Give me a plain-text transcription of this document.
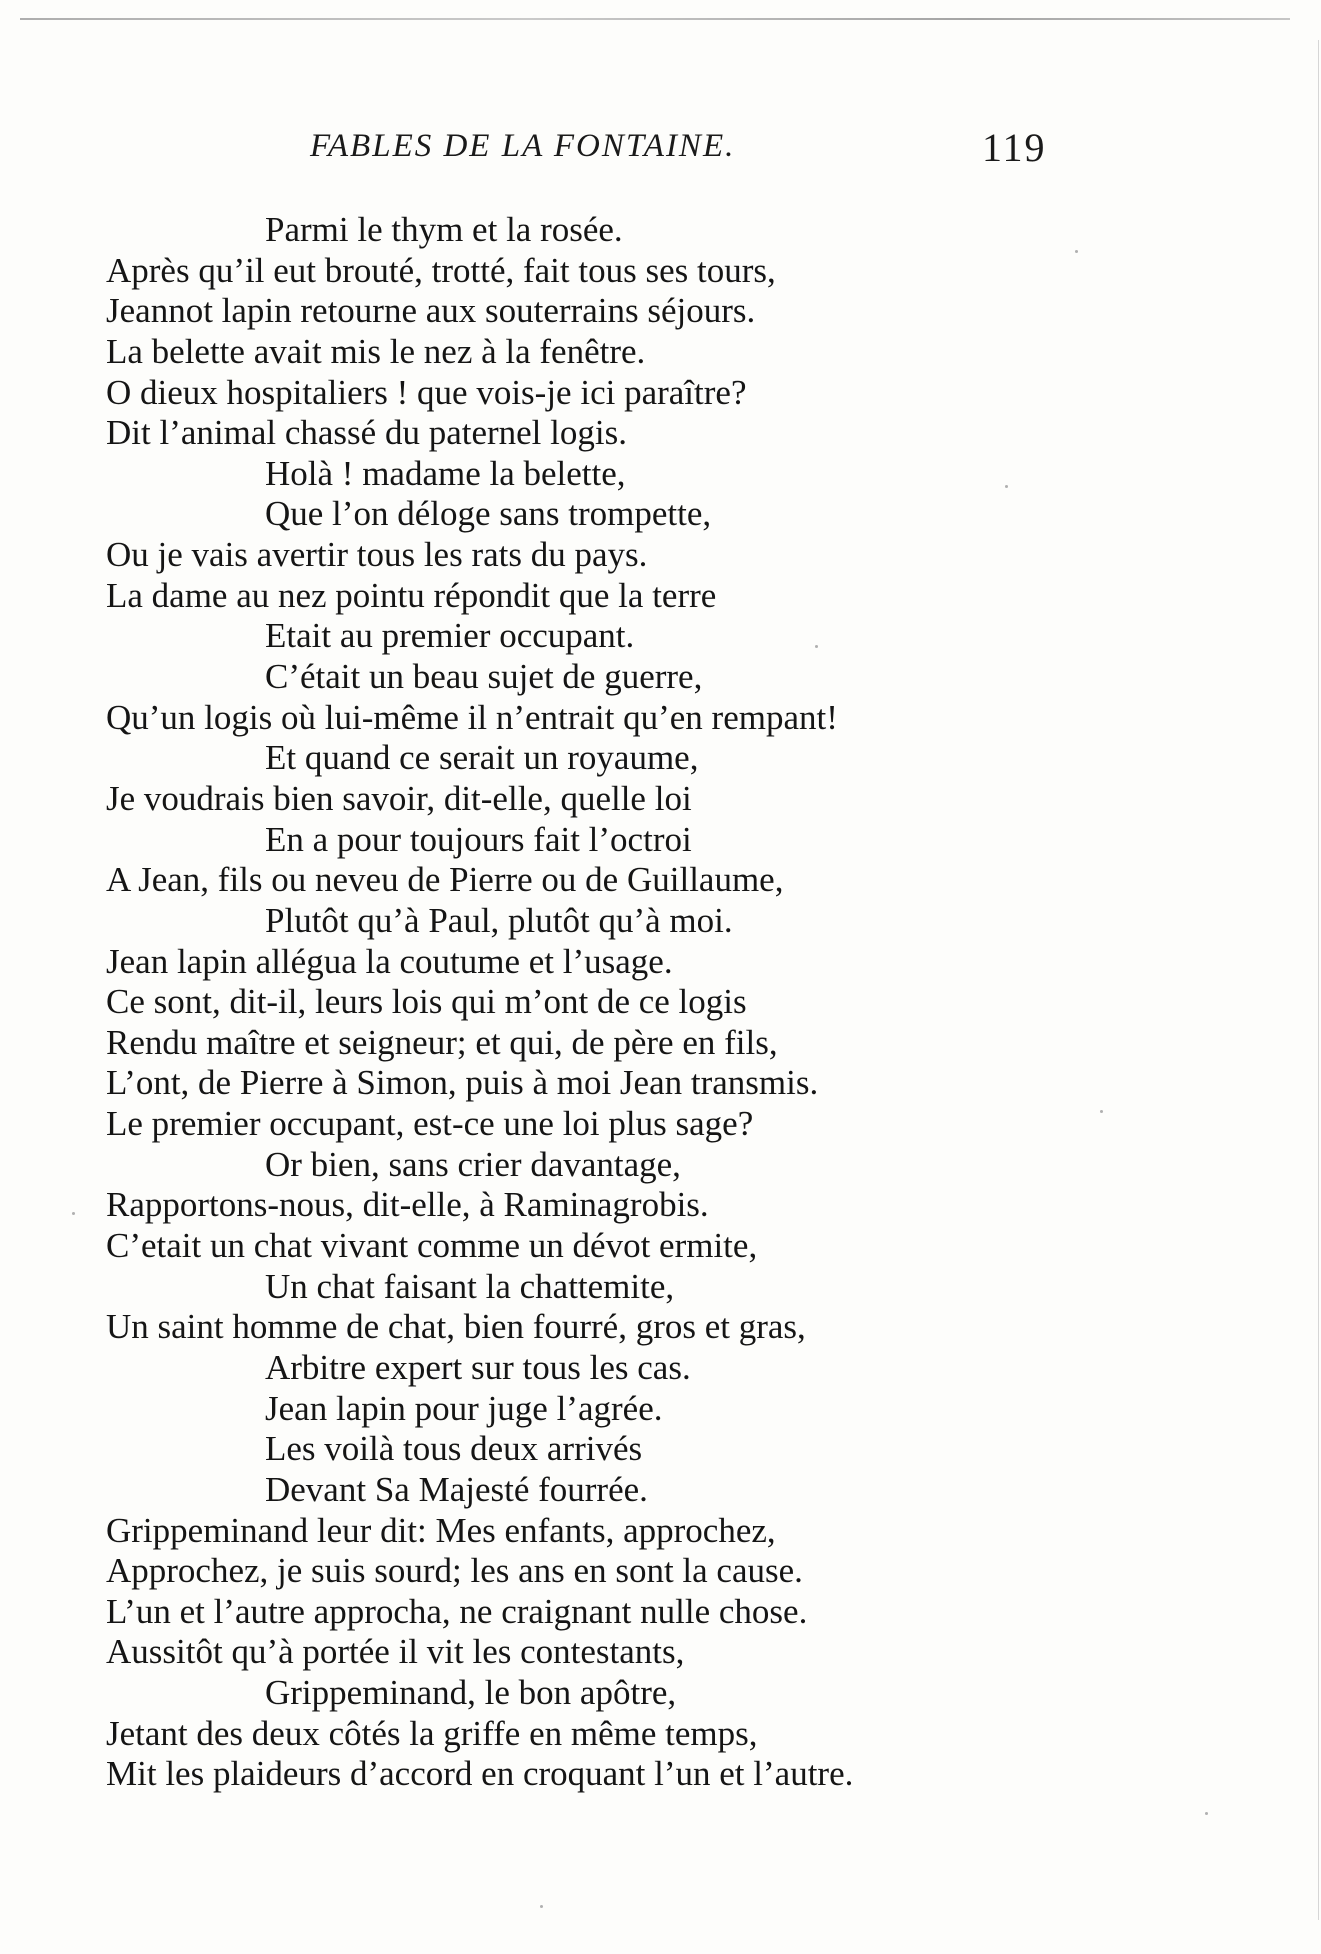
FABLES DE LA FONTAINE.	119
Parmi le thym et la rosée.
Après qu’il eut brouté, trotté, fait tous ses tours,
Jeannot lapin retourne aux souterrains séjours.
La belette avait mis le nez à la fenêtre.
O dieux hospitaliers ! que vois-je ici paraître?
Dit l’animal chassé du paternel logis.
Holà ! madame la belette,
Que l’on déloge sans trompette,
Ou je vais avertir tous les rats du pays.
La dame au nez pointu répondit que la terre
Etait au premier occupant.
C’était un beau sujet de guerre,
Qu’un logis où lui-même il n’entrait qu’en rempant!
Et quand ce serait un royaume,
Je voudrais bien savoir, dit-elle, quelle loi
En a pour toujours fait l’octroi
A Jean, fils ou neveu de Pierre ou de Guillaume,
Plutôt qu’à Paul, plutôt qu’à moi.
Jean lapin allégua la coutume et l’usage.
Ce sont, dit-il, leurs lois qui m’ont de ce logis
Rendu maître et seigneur; et qui, de père en fils,
L’ont, de Pierre à Simon, puis à moi Jean transmis.
Le premier occupant, est-ce une loi plus sage?
Or bien, sans crier davantage,
Rapportons-nous, dit-elle, à Raminagrobis.
C’etait un chat vivant comme un dévot ermite,
Un chat faisant la chattemite,
Un saint homme de chat, bien fourré, gros et gras,
Arbitre expert sur tous les cas.
Jean lapin pour juge l’agrée.
Les voilà tous deux arrivés
Devant Sa Majesté fourrée.
Grippeminand leur dit: Mes enfants, approchez,
Approchez, je suis sourd; les ans en sont la cause.
L’un et l’autre approcha, ne craignant nulle chose.
Aussitôt qu’à portée il vit les contestants,
Grippeminand, le bon apôtre,
Jetant des deux côtés la griffe en même temps,
Mit les plaideurs d’accord en croquant l’un et l’autre.
